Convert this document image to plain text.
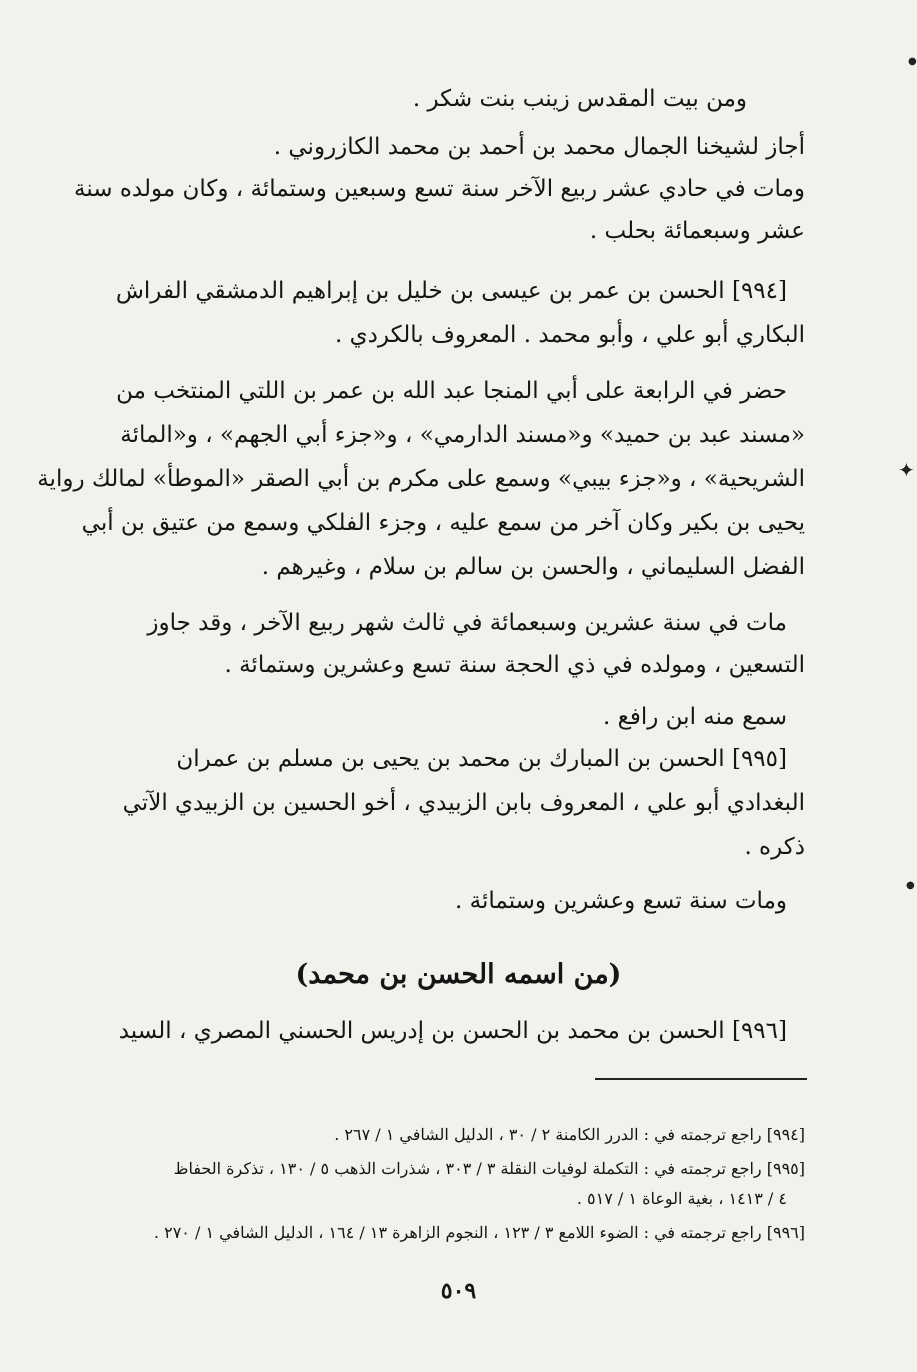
ومن بيت المقدس زينب بنت شكر .
أجاز لشيخنا الجمال محمد بن أحمد بن محمد الكازروني .
ومات في حادي عشر ربيع الآخر سنة تسع وسبعين وستمائة ، وكان مولده سنة
عشر وسبعمائة بحلب .
[٩٩٤] الحسن بن عمر بن عيسى بن خليل بن إبراهيم الدمشقي الفراش
البكاري أبو علي ، وأبو محمد . المعروف بالكردي .
حضر في الرابعة على أبي المنجا عبد الله بن عمر بن اللتي المنتخب من
«مسند عبد بن حميد» و«مسند الدارمي» ، و«جزء أبي الجهم» ، و«المائة
الشريحية» ، و«جزء بيبي» وسمع على مكرم بن أبي الصقر «الموطأ» لمالك رواية
يحيى بن بكير وكان آخر من سمع عليه ، وجزء الفلكي وسمع من عتيق بن أبي
الفضل السليماني ، والحسن بن سالم بن سلام ، وغيرهم .
مات في سنة عشرين وسبعمائة في ثالث شهر ربيع الآخر ، وقد جاوز
التسعين ، ومولده في ذي الحجة سنة تسع وعشرين وستمائة .
سمع منه ابن رافع .
[٩٩٥] الحسن بن المبارك بن محمد بن يحيى بن مسلم بن عمران
البغدادي أبو علي ، المعروف بابن الزبيدي ، أخو الحسين بن الزبيدي الآتي
ذكره .
ومات سنة تسع وعشرين وستمائة .
(من اسمه الحسن بن محمد)
[٩٩٦] الحسن بن محمد بن الحسن بن إدريس الحسني المصري ، السيد
[٩٩٤] راجع ترجمته في : الدرر الكامنة ٢ / ٣٠ ، الدليل الشافي ١ / ٢٦٧ .
[٩٩٥] راجع ترجمته في : التكملة لوفيات النقلة ٣ / ٣٠٣ ، شذرات الذهب ٥ / ١٣٠ ، تذكرة الحفاظ
٤ / ١٤١٣ ، بغية الوعاة ١ / ٥١٧ .
[٩٩٦] راجع ترجمته في : الضوء اللامع ٣ / ١٢٣ ، النجوم الزاهرة ١٣ / ١٦٤ ، الدليل الشافي ١ / ٢٧٠ .
٥٠٩
✦
●
●
